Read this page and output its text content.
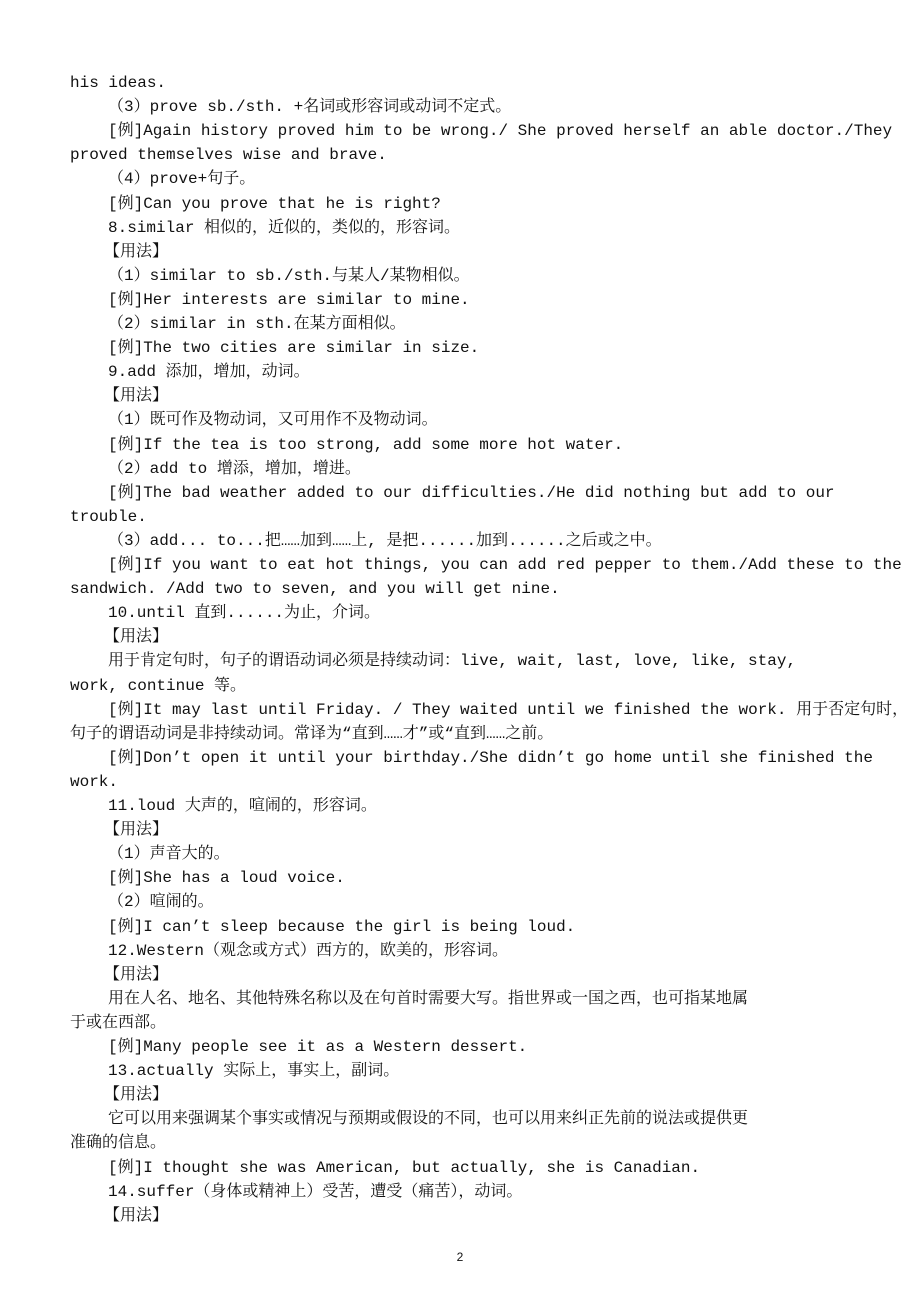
2
his ideas.
（3）prove sb./sth. +名词或形容词或动词不定式。
[例]Again history proved him to be wrong./ She proved herself an able doctor./They
proved themselves wise and brave.
（4）prove+句子。
[例]Can you prove that he is right?
8.similar 相似的，近似的，类似的，形容词。
【用法】
（1）similar to sb./sth.与某人/某物相似。
[例]Her interests are similar to mine.
（2）similar in sth.在某方面相似。
[例]The two cities are similar in size.
9.add 添加，增加，动词。
【用法】
（1）既可作及物动词，又可用作不及物动词。
[例]If the tea is too strong, add some more hot water.
（2）add to 增添，增加，增进。
[例]The bad weather added to our difficulties./He did nothing but add to our
trouble.
（3）add... to...把……加到……上, 是把......加到......之后或之中。
[例]If you want to eat hot things, you can add red pepper to them./Add these to the
sandwich. /Add two to seven, and you will get nine.
10.until 直到......为止，介词。
【用法】
用于肯定句时，句子的谓语动词必须是持续动词：live, wait, last, love, like, stay,
work, continue 等。
[例]It may last until Friday. / They waited until we finished the work. 用于否定句时，
句子的谓语动词是非持续动词。常译为“直到……才”或“直到……之前。
[例]Don’t open it until your birthday./She didn’t go home until she finished the
work.
11.loud 大声的，喧闹的，形容词。
【用法】
（1）声音大的。
[例]She has a loud voice.
（2）喧闹的。
[例]I can’t sleep because the girl is being loud.
12.Western（观念或方式）西方的，欧美的，形容词。
【用法】
用在人名、地名、其他特殊名称以及在句首时需要大写。指世界或一国之西，也可指某地属
于或在西部。
[例]Many people see it as a Western dessert.
13.actually 实际上，事实上，副词。
【用法】
它可以用来强调某个事实或情况与预期或假设的不同，也可以用来纠正先前的说法或提供更
准确的信息。
[例]I thought she was American, but actually, she is Canadian.
14.suffer（身体或精神上）受苦，遭受（痛苦），动词。
【用法】
